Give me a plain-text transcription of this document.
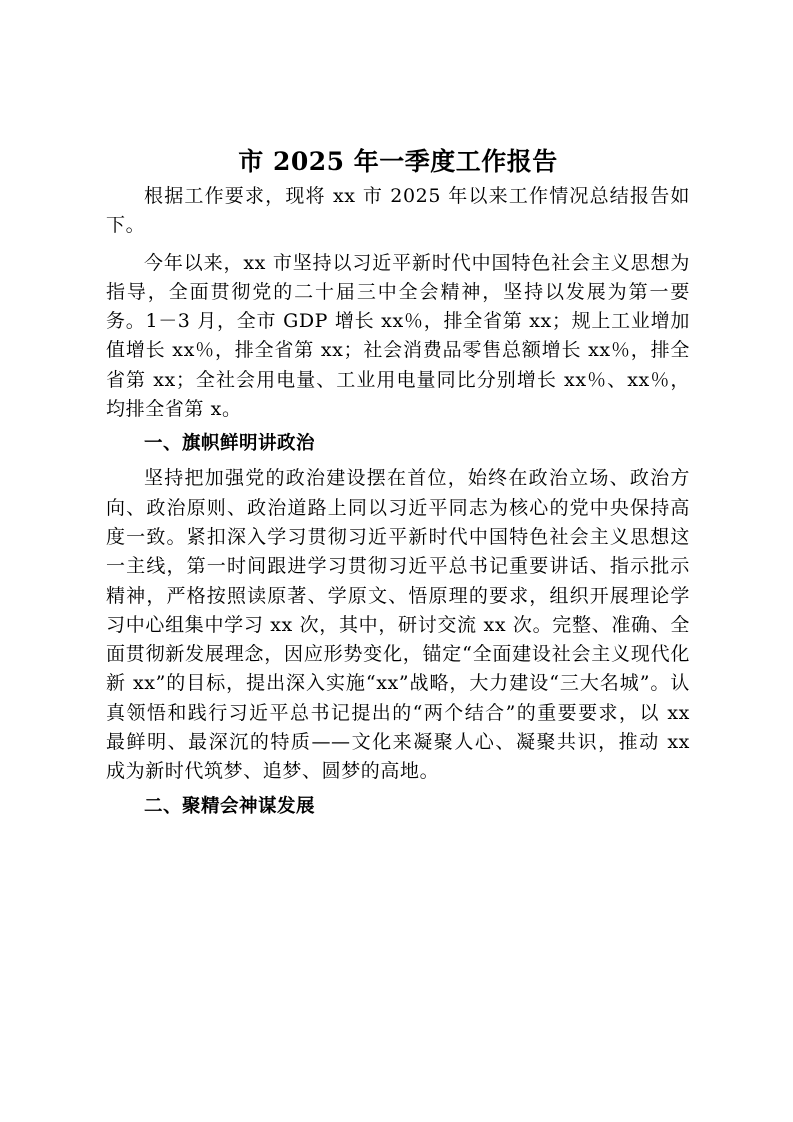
市 2025 年一季度工作报告

根据工作要求，现将 xx 市 2025 年以来工作情况总结报告如下。

今年以来，xx 市坚持以习近平新时代中国特色社会主义思想为指导，全面贯彻党的二十届三中全会精神，坚持以发展为第一要务。1－3 月，全市 GDP 增长 xx％，排全省第 xx；规上工业增加值增长 xx％，排全省第 xx；社会消费品零售总额增长 xx％，排全省第 xx；全社会用电量、工业用电量同比分别增长 xx％、xx％，均排全省第 x。

一、旗帜鲜明讲政治

坚持把加强党的政治建设摆在首位，始终在政治立场、政治方向、政治原则、政治道路上同以习近平同志为核心的党中央保持高度一致。紧扣深入学习贯彻习近平新时代中国特色社会主义思想这一主线，第一时间跟进学习贯彻习近平总书记重要讲话、指示批示精神，严格按照读原著、学原文、悟原理的要求，组织开展理论学习中心组集中学习 xx 次，其中，研讨交流 xx 次。完整、准确、全面贯彻新发展理念，因应形势变化，锚定“全面建设社会主义现代化新 xx”的目标，提出深入实施“xx”战略，大力建设“三大名城”。认真领悟和践行习近平总书记提出的“两个结合”的重要要求，以 xx 最鲜明、最深沉的特质——文化来凝聚人心、凝聚共识，推动 xx 成为新时代筑梦、追梦、圆梦的高地。

二、聚精会神谋发展
